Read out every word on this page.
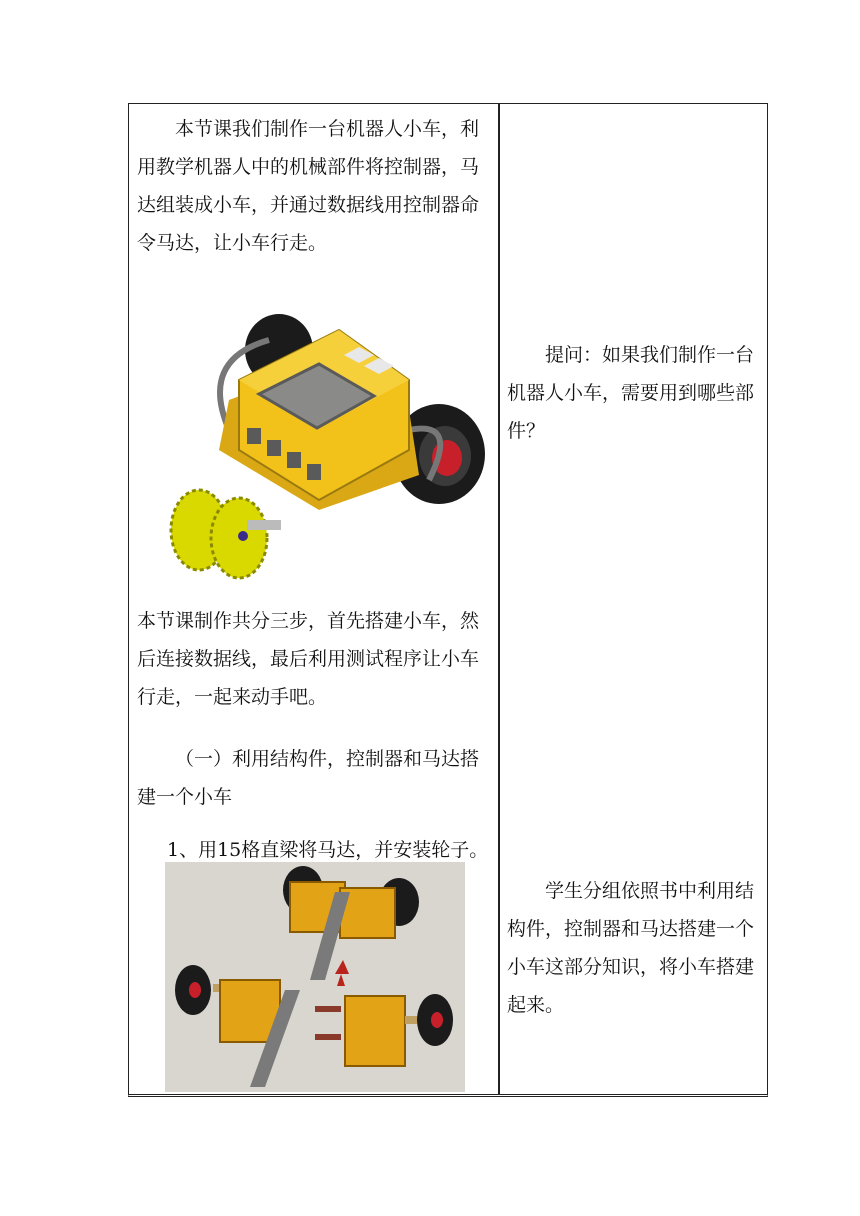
本节课我们制作一台机器人小车，利用教学机器人中的机械部件将控制器，马达组装成小车，并通过数据线用控制器命令马达，让小车行走。

本节课制作共分三步，首先搭建小车，然后连接数据线，最后利用测试程序让小车行走，一起来动手吧。

（一）利用结构件，控制器和马达搭建一个小车

1、用15格直梁将马达，并安装轮子。

提问：如果我们制作一台机器人小车，需要用到哪些部件？

学生分组依照书中利用结构件，控制器和马达搭建一个小车这部分知识，将小车搭建起来。
